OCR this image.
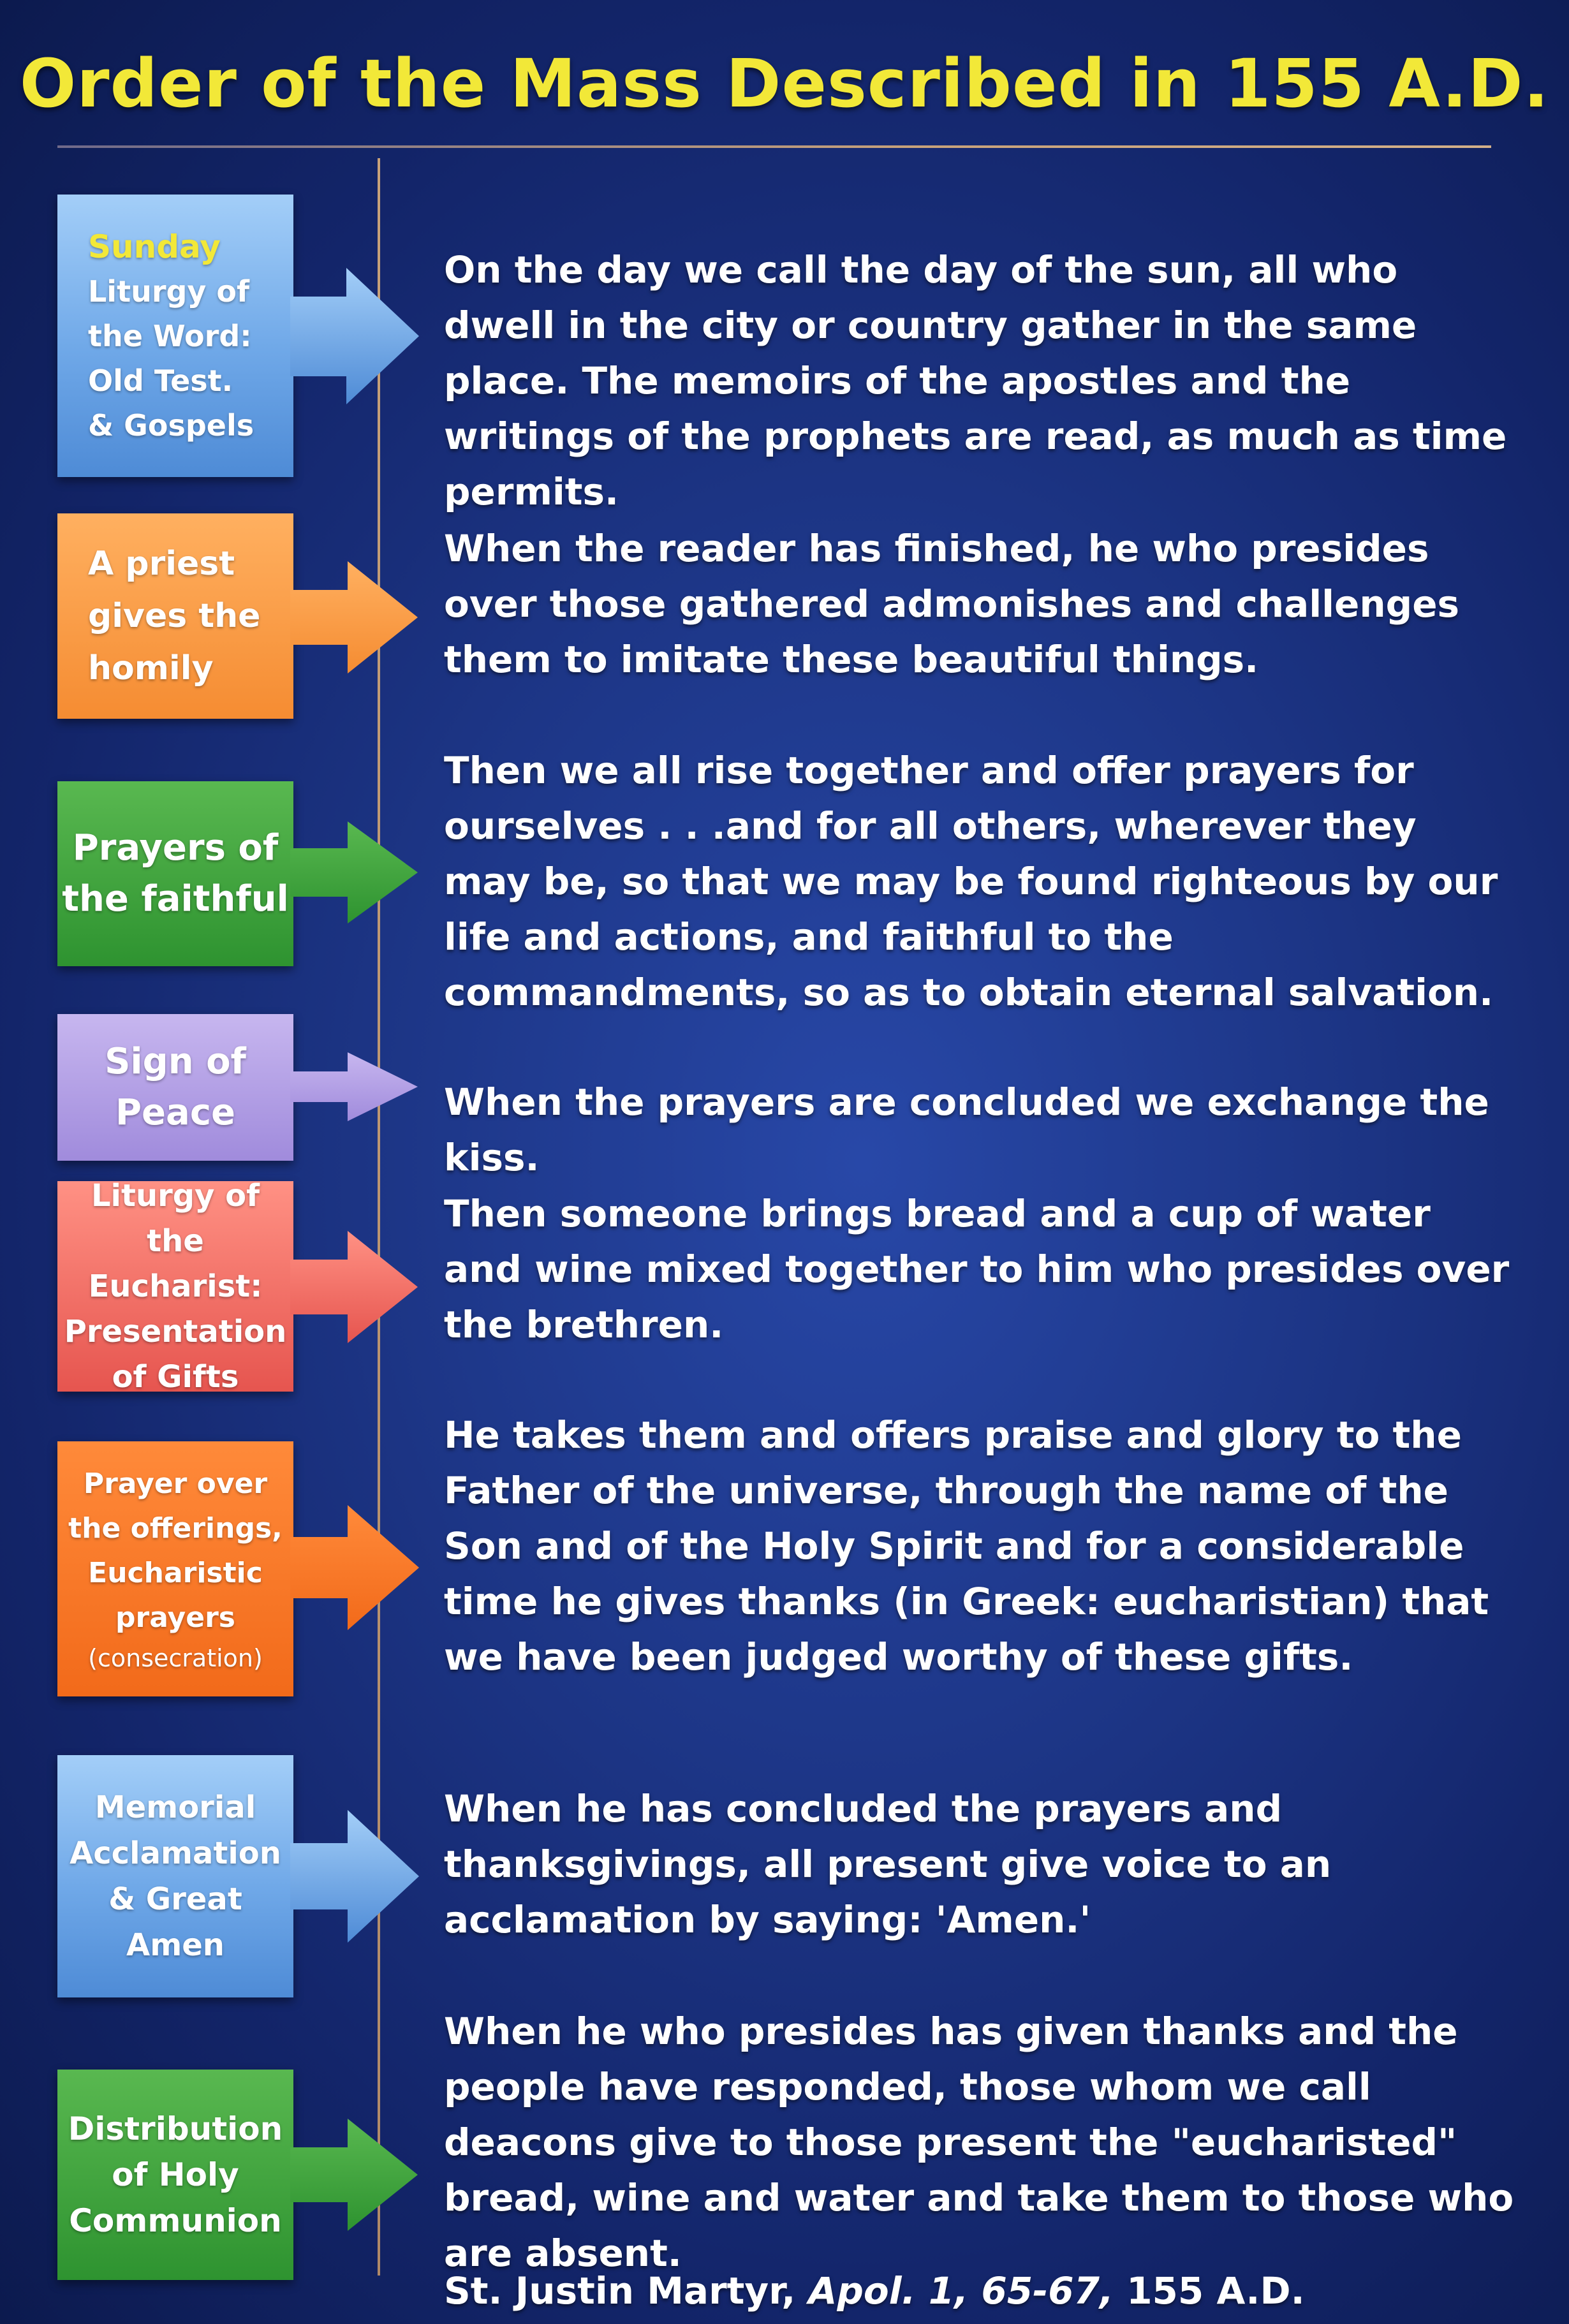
Order of the Mass Described in 155 A.D.
Sunday
Liturgy of
the Word:
Old Test.
& Gospels
On the day we call the day of the sun, all who dwell in the city or country gather in the same place. The memoirs of the apostles and the writings of the prophets are read, as much as time permits.
A priest
gives the
homily
When the reader has finished, he who presides over those gathered admonishes and challenges them to imitate these beautiful things.
Prayers of
the faithful
Then we all rise together and offer prayers for ourselves . . .and for all others, wherever they may be, so that we may be found righteous by our life and actions, and faithful to the commandments, so as to obtain eternal salvation.
Sign of
Peace	When the prayers are concluded we exchange the kiss.
Liturgy of the
Eucharist:
Presentation
of Gifts
Then someone brings bread and a cup of water and wine mixed together to him who presides over the brethren.
Prayer over
the offerings,
Eucharistic
prayers
(consecration)
He takes them and offers praise and glory to the Father of the universe, through the name of the Son and of the Holy Spirit and for a considerable time he gives thanks (in Greek: eucharistian) that we have been judged worthy of these gifts.
Memorial
Acclamation
& Great
Amen
When he has concluded the prayers and thanksgivings, all present give voice to an acclamation by saying: 'Amen.'
Distribution
of Holy
Communion
When he who presides has given thanks and the people have responded, those whom we call deacons give to those present the "eucharisted" bread, wine and water and take them to those who are absent.
St. Justin Martyr, Apol. 1, 65-67, 155 A.D.
